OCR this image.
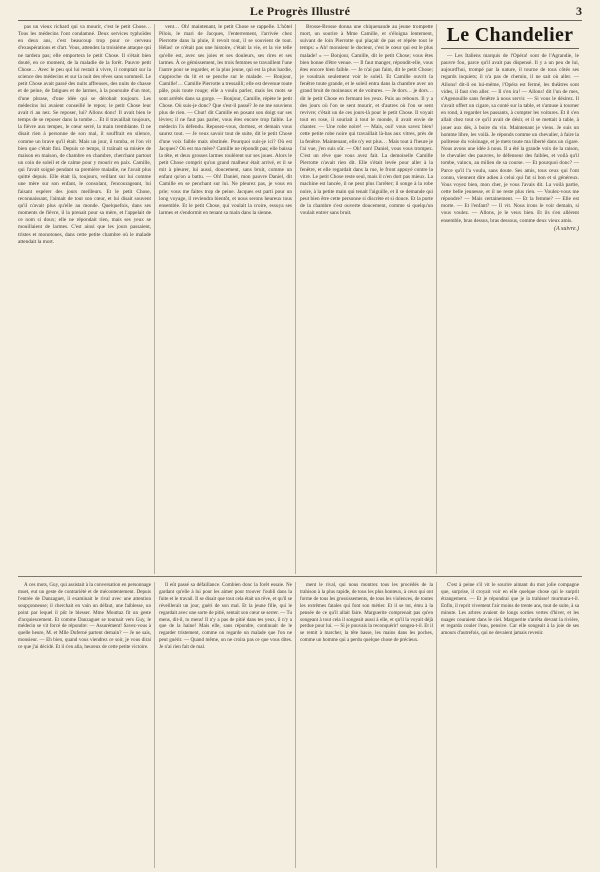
Le Progrès Illustré	3

pas un vieux richard qui va mourir, c'est le petit Chose… Tous les médecins l'ont condamné. Deux services typhoïdes en deux ans, c'est beaucoup trop pour ce cerveau d'exaspérations et d'art. Vous, attendez la troisième attaque qui ne tardera pas; elle emportera le petit Chose. Il s'était bien douté, en ce moment, de la maladie de la forêt. Pauvre petit Chose… Avec le peu qui lui restait à vivre, il comptait sur la science des médecins et sur la nuit des rêves sans sommeil. Le petit Chose avait passé des nuits affreuses, des nuits de chasse et de peine, de fatigues et de larmes, à la poursuite d'un mot, d'une phrase, d'une idée qui se dérobait toujours. Les médecins lui avaient conseillé le repos; le petit Chose leur avait ri au nez. Se reposer, lui? Allons donc! Il avait bien le temps de se reposer dans la tombe… Et il travaillait toujours, la fièvre aux tempes, le cœur serré, la main tremblante. Il ne disait rien à personne de son mal, il souffrait en silence, comme un brave qu'il était. Mais un jour, il tomba, et l'on vit bien que c'était fini. Depuis ce temps, il traînait sa misère de maison en maison, de chambre en chambre, cherchant partout un coin de soleil et de calme pour y mourir en paix. Camille, qui l'avait soigné pendant sa première maladie, ne l'avait plus quitté depuis. Elle était là, toujours, veillant sur lui comme une mère sur son enfant, le consolant, l'encourageant, lui faisant espérer des jours meilleurs. Et le petit Chose, reconnaissant, l'aimait de tout son cœur, et lui disait souvent qu'il n'avait plus qu'elle au monde. Quelquefois, dans ses moments de fièvre, il la prenait pour sa mère, et l'appelait de ce nom si doux; elle ne répondait rien, mais ses yeux se mouillaient de larmes. C'est ainsi que les jours passaient, tristes et monotones, dans cette petite chambre où le malade attendait la mort.

vent… Oh! maintenant, le petit Chose se rappelle. L'hôtel Pilois, le mari de Jacques, l'enterrement, l'arrivée chez Pierrotte dans la pluie, il revoit tout, il se souvient de tout. Hélas! ce n'était pas une histoire, c'était la vie, et la vie telle qu'elle est, avec ses joies et ses douleurs, ses rires et ses larmes. À ce gémissement, les trois femmes se travaillent l'une l'autre pour se regarder, et la plus jeune, qui est la plus hardie, s'approche du lit et se penche sur le malade. — Bonjour, Camille!… Camille Pierrotte a tressailli; elle est devenue toute pâle, puis toute rouge; elle a voulu parler, mais les mots se sont arrêtés dans sa gorge. — Bonjour, Camille, répète le petit Chose. Où suis-je donc? Que s'est-il passé? Je ne me souviens plus de rien. — Chut! dit Camille en posant son doigt sur ses lèvres; il ne faut pas parler, vous êtes encore trop faible. Le médecin l'a défendu. Reposez-vous, dormez, et demain vous saurez tout. — Je veux savoir tout de suite, dit le petit Chose d'une voix faible mais obstinée. Pourquoi suis-je ici? Où est Jacques? Où est ma mère? Camille ne répondit pas; elle baissa la tête, et deux grosses larmes roulèrent sur ses joues. Alors le petit Chose comprit qu'un grand malheur était arrivé, et il se mit à pleurer, lui aussi, doucement, sans bruit, comme un enfant qu'on a battu. — Oh! Daniel, mon pauvre Daniel, dit Camille en se penchant sur lui. Ne pleurez pas, je vous en prie; vous me faites trop de peine. Jacques est parti pour un long voyage, il reviendra bientôt, et nous serons heureux tous ensemble. Et le petit Chose, qui voulait la croire, essuya ses larmes et s'endormit en tenant sa main dans la sienne.

Brosse-Brosse donna une chiquenaude au jeune trompette mort, un sourire à Mme Camille, et s'éloigna lentement, suivant de loin Pierrotte qui plaçait de pas et répète tout le temps: « Ah! monsieur le docteur, c'est le cœur qui est le plus malade! » — Bonjour, Camille, dit le petit Chose; vous êtes bien bonne d'être venue. — Il faut manger, répondit-elle, vous êtes encore bien faible. — Je n'ai pas faim, dit le petit Chose; je voudrais seulement voir le soleil. Et Camille ouvrit la fenêtre toute grande, et le soleil entra dans la chambre avec un grand bruit de moineaux et de voitures. — Je dors… je dors… dit le petit Chose en fermant les yeux. Puis au rebours. Il y a des jours où l'on se sent mourir, et d'autres où l'on se sent revivre; c'était un de ces jours-là pour le petit Chose. Il voyait tout en rose, il souriait à tout le monde, il avait envie de chanter. — Une robe noire! — Mais, oui! vous savez bien! cette petite robe noire qui travaillait là-bas aux vitres, près de la fenêtre. Maintenant, elle n'y est plus… Mais tout à l'heure je l'ai vue, j'en suis sûr. — Oh! non! Daniel, vous vous trompez. C'est un rêve que vous avez fait. La demoiselle Camille Pierrotte n'avait rien dit. Elle s'était levée pour aller à la fenêtre, et elle regardait dans la rue, le front appuyé contre la vitre. Le petit Chose reste seul, mais il n'en dort pas mieux. La machine est lancée, il ne peut plus l'arrêter; il songe à la robe noire, à la petite main qui tenait l'aiguille, et il se demande qui peut bien être cette personne si discrète et si douce. Et la porte de la chambre s'est ouverte doucement, comme si quelqu'un voulait entrer sans bruit.

Le Chandelier

— Les Italiens marquis de l'Opéra! sont de l'Agrandie, le pauvre fou, parce qu'il avait pas dispensé. Il y a un peu de lui, aujourd'hui, trompé par la nature, il tourne de tous côtés ses regards inquiets; il n'a pas de chemin, il ne sait où aller. — Allons! dit-il en lui-même, l'Opéra est fermé, les théâtres sont vides, il faut s'en aller. — Il s'en ira! — Allons! dit l'un de mes, s'Agenouille sans fenêtre à nous servir. — Si vous le désirez. Il s'avait offert un cigare, sa conté sur la table, et s'amuse à tourner en rond, à regarder les passants, à compter les voitures. Et il s'en allait chez tout ce qu'il avait de désir, et il se mettait à table, à jouer aux dés, à boire du vin. Maintenant je viens. Je suis un homme libre, les voilà. Je réponds comme un chevalier, à faire la politesse du voisinage, et je mets toute ma liberté dans un cigare. Nous avons une idée à nous. Il a été la grande voix de la raison, le chevalier des pauvres, le défenseur des faibles, et voilà qu'il tombe, vaincu, au milieu de sa course. — Et pourquoi donc? — Parce qu'il l'a voulu, sans doute. Ses amis, tous ceux qui l'ont connu, viennent dire adieu à celui qui fut si bon et si généreux. Vous voyez bien, mon cher, je vous l'avais dit. La voilà partie, cette belle jeunesse, et il ne reste plus rien. — Voulez-vous me répondre? — Mais certainement. — Et la femme? — Elle est morte. — Et l'enfant? — Il vit. Nous irons le voir demain, si vous voulez. — Allons, je le veux bien. Et ils s'en allèrent ensemble, bras dessus, bras dessous, comme deux vieux amis.

(A suivre.)

À ces mots, Guy, qui assistait à la conversation en personnage muet, eut un geste de contrariété et de mécontentement. Depuis l'entrée de Danzaguet, il examinait le rival avec une attention soupçonneuse; il cherchait en vain un défaut, une faiblesse, un point par lequel il pût le blesser. Mme Mouttaz fit un geste d'acquiescement. Et comme Danzaguet se tournait vers Guy, le médecin se vit forcé de répondre: — Assurément! Savez-vous à quelle heure, M. et Mlle Duferné partent demain? — Je ne sais, monsieur. — Eh bien, quand vous viendrez ce soir, je vous dirai ce que j'ai décidé. Et il s'en alla, heureux de cette petite victoire.

Il eût passé sa défaillance. Combien donc la forêt essaie. Ne gardant qu'elle à lui pour les aimer pour trouver l'oubli dans la fuite et le travail. Il se disait que tout cela était un rêve, et qu'il se réveillerait un jour, guéri de son mal. Et la jeune fille, qui le regardait avec une sorte de pitié, sentait son cœur se serrer. — Tu mens, dit-il, tu mens! Il n'y a pas de pitié dans tes yeux, il n'y a que de la haine! Mais elle, sans répondre, continuait de le regarder tristement, comme on regarde un malade que l'on ne peut guérir. — Quand même, on ne croira pas ce que vous dites. Je n'ai rien fait de mal.

ment le rival, qui nous montrez tous les procédés de la trahison à la plus rapide, de tous les plus honteux, à ceux qui ont forme de tous les grossissements, de tous les violences, de toutes les extrêmes fatales qui font son métier. Et il se tut, ému à la pensée de ce qu'il allait faire. Marguerite comprenait pas qu'en songeant à tout cela il songeait aussi à elle, et qu'il la voyait déjà perdue pour lui. — Si je pouvais la reconquérir! songea-t-il. Et il se remit à marcher, la tête basse, les mains dans les poches, comme un homme qui a perdu quelque chose de précieux.

C'est à peine s'il vit le sourire aimant du mot jolie compagne que, surprise, il croyait voir en elle quelque chose qui le surprit étrangement. — Et je répondrai que je la trahisse! murmura-t-il. Enfin, il reprit vivement l'air moins de trente ans, tout de suite, à sa minute. Les arbres avaient de longs sorties vertes d'hiver, et les nuages couraient dans le ciel. Marguerite s'arrêta devant la rivière, et regarda couler l'eau, pensive. Car elle songeait à la joie de ses amours d'autrefois, qui ne devaient jamais revenir.
